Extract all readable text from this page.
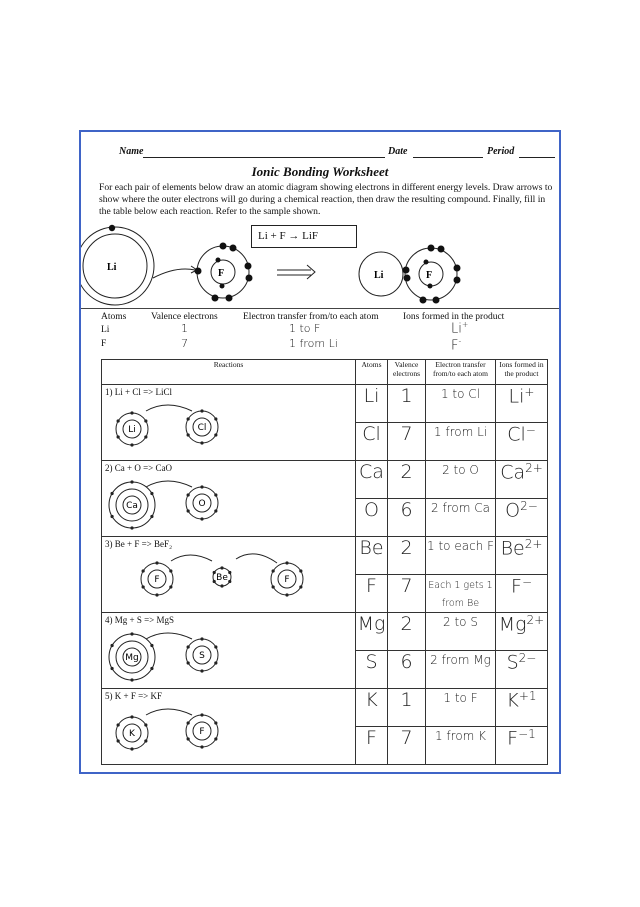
Name	Date	Period
Ionic Bonding Worksheet
For each pair of elements below draw an atomic diagram showing electrons in different energy levels. Draw arrows to show where the outer electrons will go during a chemical reaction, then draw the resulting compound. Finally, fill in the table below each reaction. Refer to the sample shown.
Li
F	Li	F
Li + F → LiF
Atoms	Valence electrons	Electron transfer from/to each atom	Ions formed in the product
Li	1	1 to F	Li+
F	7	1 from Li	F-
Reactions	Atoms	Valence electrons	Electron transfer from/to each atom	Ions formed in the product

1) Li + Cl => LiCl
Li Cl	Li	1	1 to Cl	Li+
	Cl	7	1 from Li	Cl−

2) Ca + O => CaO
Ca O	Ca	2	2 to O	$Ca^{2+}$
	O	6	2 from Ca	$O^{2-}$

3) Be + F => BeF₂
F Be F	Be	2	1 to each F	$Be^{2+}$
	F	7	Each 1 gets 1 from Be	F−

4) Mg + S => MgS
Mg S	Mg	2	2 to S	$Mg^{2+}$
	S	6	2 from Mg	$S^{2-}$

5) K + F => KF
K F	K	1	1 to F	$K^{+1}$
	F	7	1 from K	$F^{-1}$
